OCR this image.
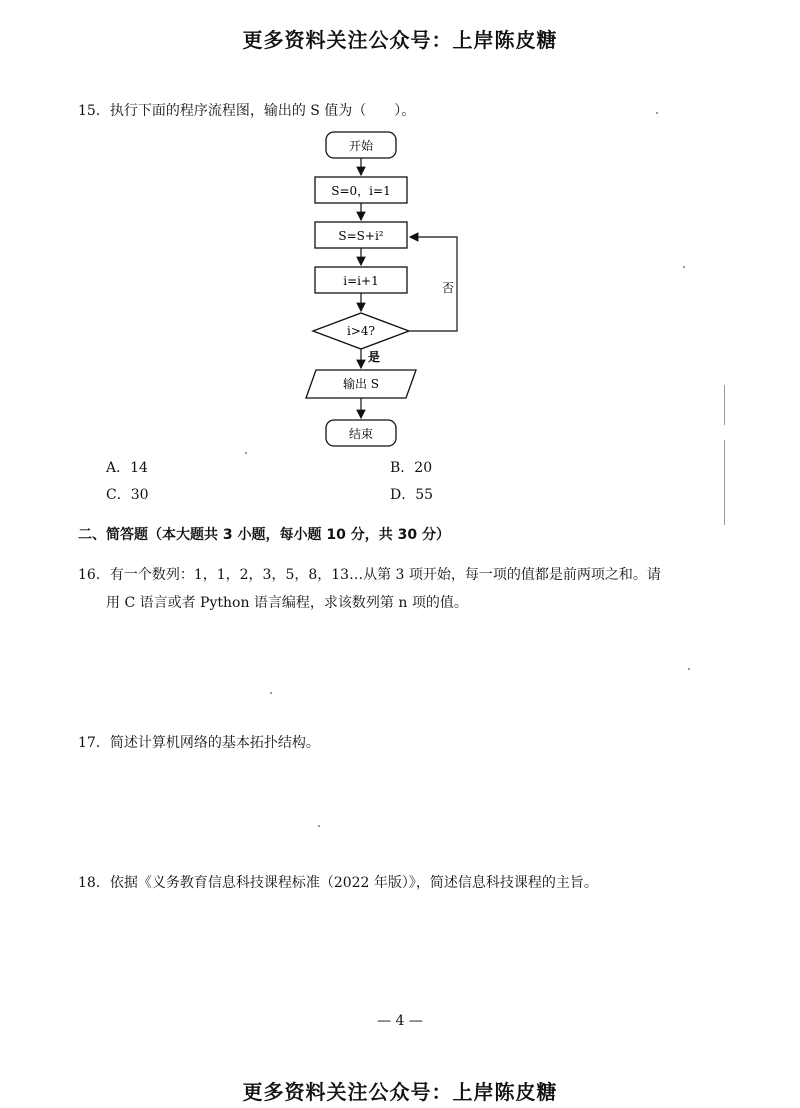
更多资料关注公众号：上岸陈皮糖
15．执行下面的程序流程图，输出的 S 值为（　　）。
开始
S=0，i=1
S=S+i²
i=i+1
i>4?
否
是
输出 S
结束
A．14	B．20
C．30	D．55
二、简答题（本大题共 3 小题，每小题 10 分，共 30 分）
16．有一个数列：1，1，2，3，5，8，13…从第 3 项开始，每一项的值都是前两项之和。请
用 C 语言或者 Python 语言编程，求该数列第 n 项的值。
17．简述计算机网络的基本拓扑结构。
18．依据《义务教育信息科技课程标准（2022 年版）》，简述信息科技课程的主旨。
— 4 —
更多资料关注公众号：上岸陈皮糖
